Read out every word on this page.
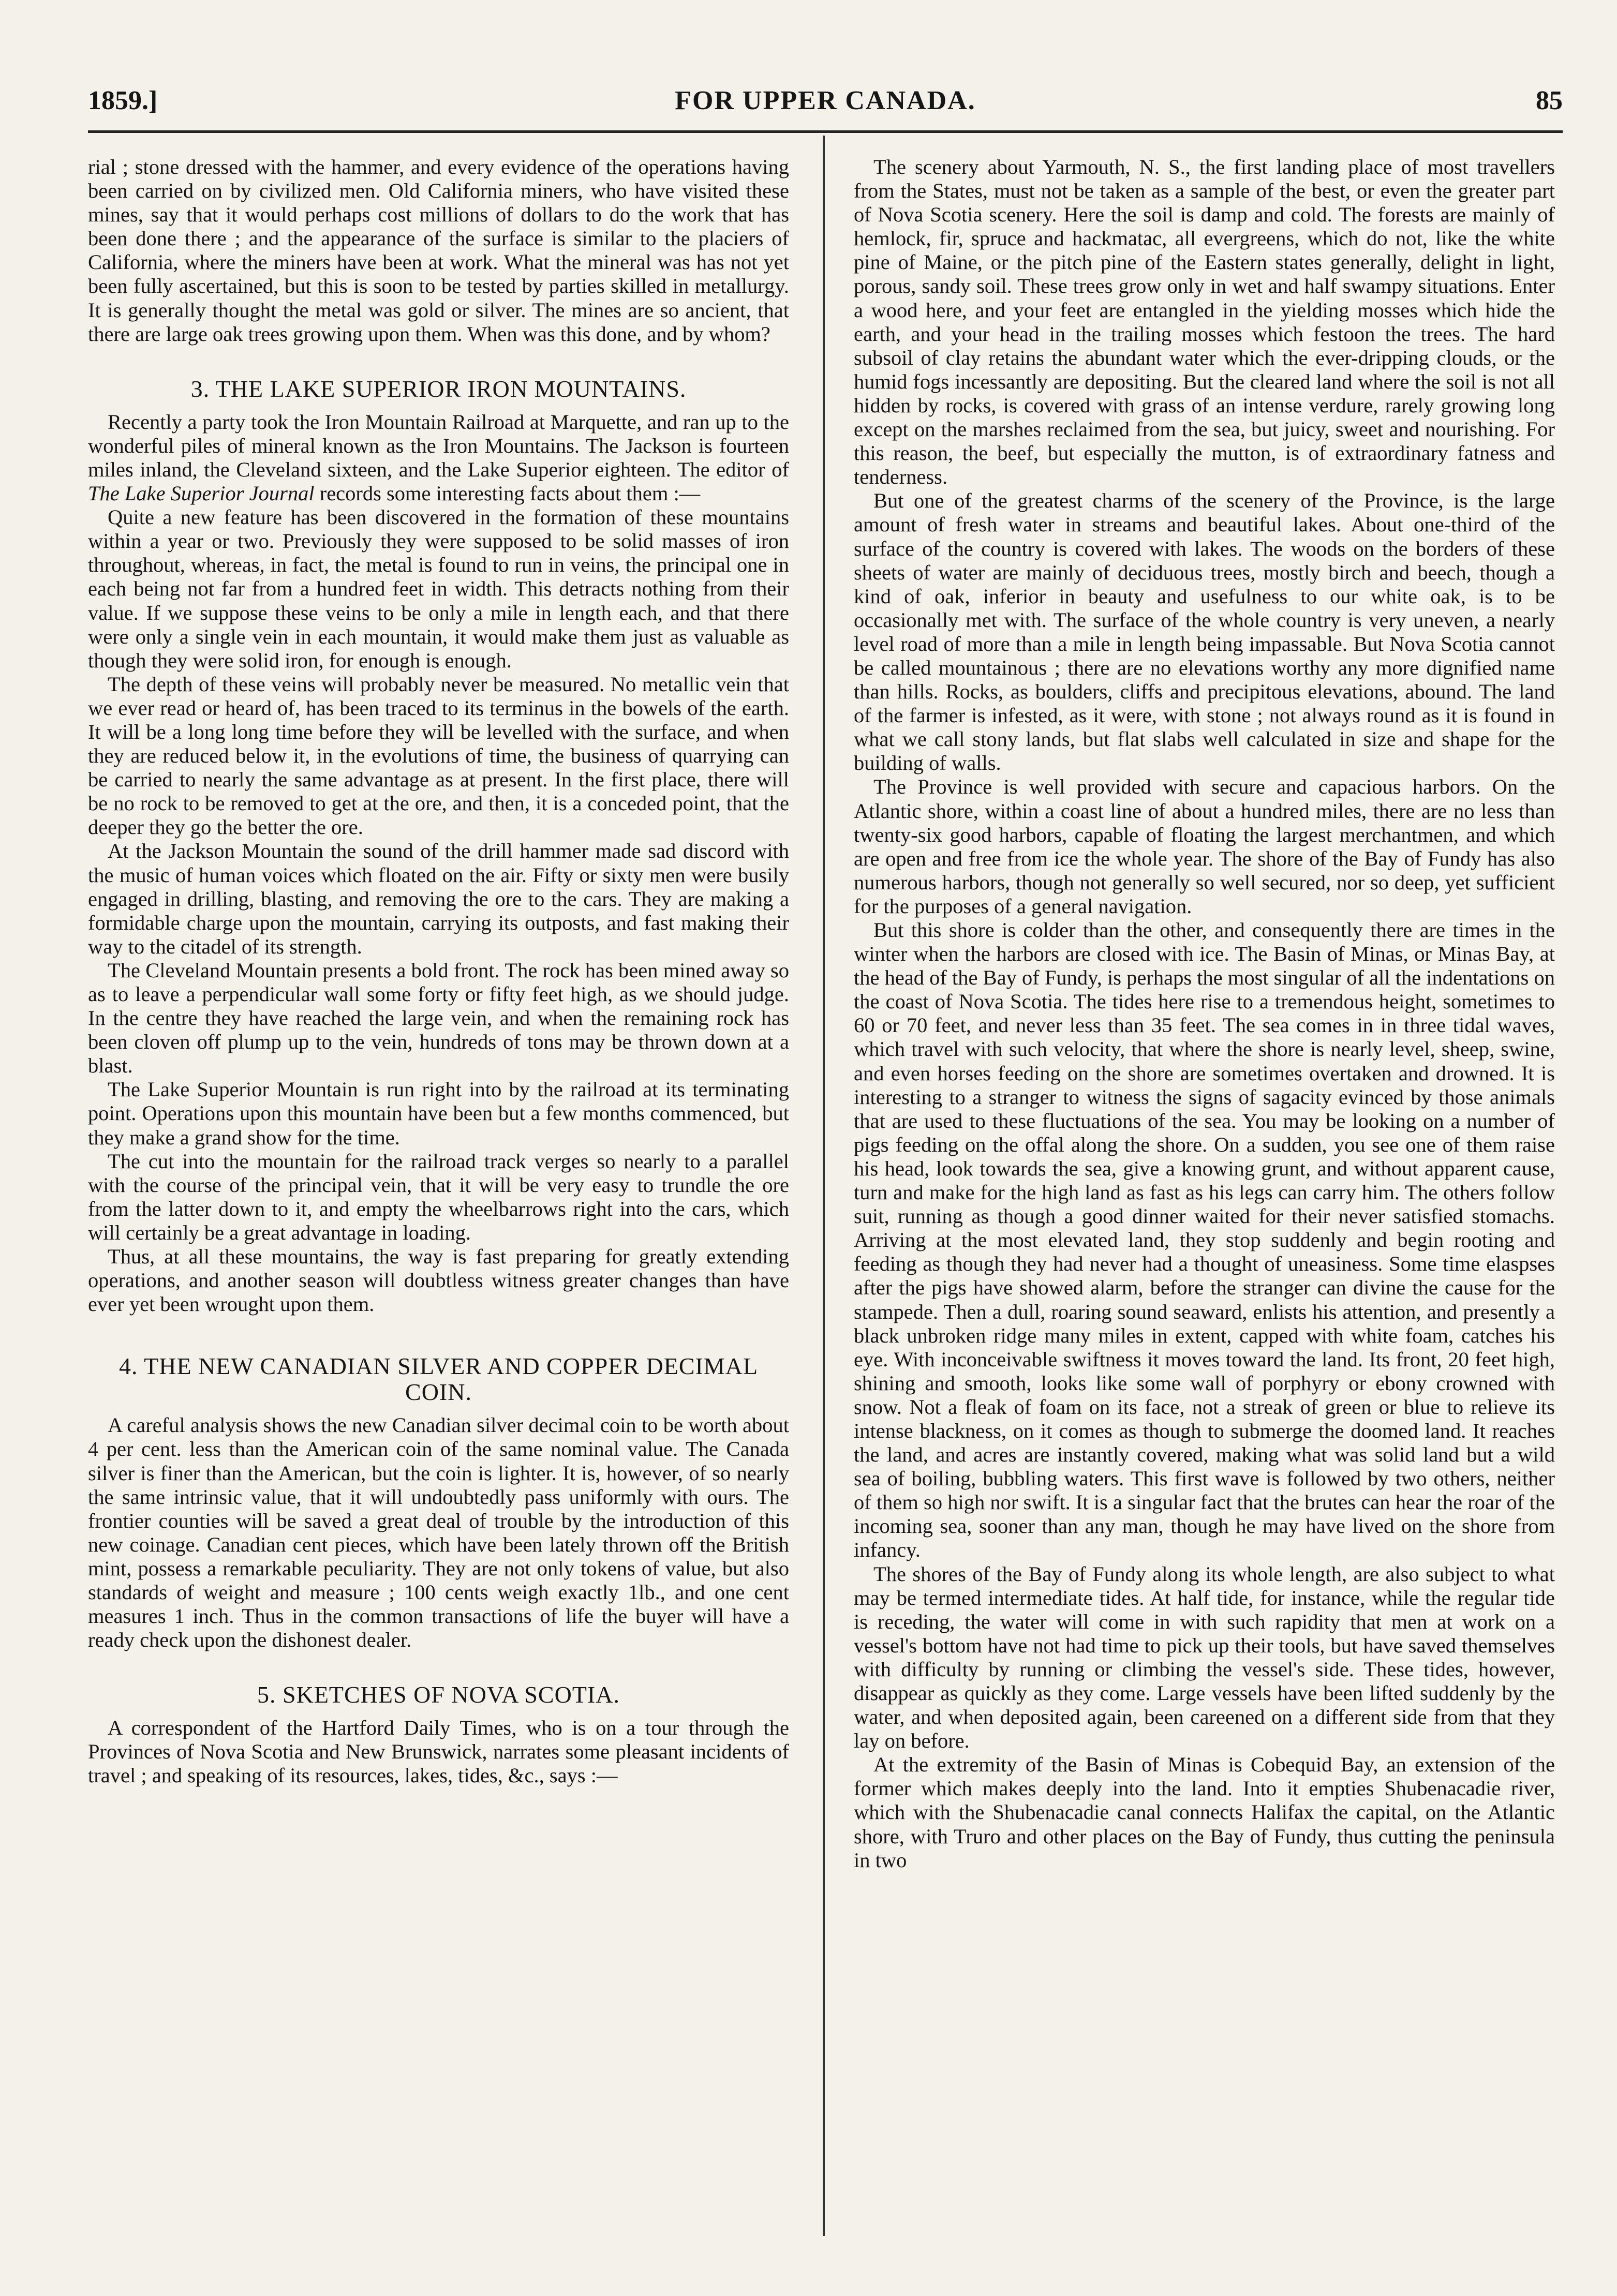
1859.]	FOR UPPER CANADA.	85

rial ; stone dressed with the hammer, and every evidence of the operations having been carried on by civilized men. Old California miners, who have visited these mines, say that it would perhaps cost millions of dollars to do the work that has been done there ; and the appearance of the surface is similar to the placiers of California, where the miners have been at work. What the mineral was has not yet been fully ascertained, but this is soon to be tested by parties skilled in metallurgy. It is generally thought the metal was gold or silver. The mines are so ancient, that there are large oak trees growing upon them. When was this done, and by whom?

3. THE LAKE SUPERIOR IRON MOUNTAINS.

Recently a party took the Iron Mountain Railroad at Marquette, and ran up to the wonderful piles of mineral known as the Iron Mountains. The Jackson is fourteen miles inland, the Cleveland sixteen, and the Lake Superior eighteen. The editor of The Lake Superior Journal records some interesting facts about them :—

Quite a new feature has been discovered in the formation of these mountains within a year or two. Previously they were supposed to be solid masses of iron throughout, whereas, in fact, the metal is found to run in veins, the principal one in each being not far from a hundred feet in width. This detracts nothing from their value. If we suppose these veins to be only a mile in length each, and that there were only a single vein in each mountain, it would make them just as valuable as though they were solid iron, for enough is enough.

The depth of these veins will probably never be measured. No metallic vein that we ever read or heard of, has been traced to its terminus in the bowels of the earth. It will be a long long time before they will be levelled with the surface, and when they are reduced below it, in the evolutions of time, the business of quarrying can be carried to nearly the same advantage as at present. In the first place, there will be no rock to be removed to get at the ore, and then, it is a conceded point, that the deeper they go the better the ore.

At the Jackson Mountain the sound of the drill hammer made sad discord with the music of human voices which floated on the air. Fifty or sixty men were busily engaged in drilling, blasting, and removing the ore to the cars. They are making a formidable charge upon the mountain, carrying its outposts, and fast making their way to the citadel of its strength.

The Cleveland Mountain presents a bold front. The rock has been mined away so as to leave a perpendicular wall some forty or fifty feet high, as we should judge. In the centre they have reached the large vein, and when the remaining rock has been cloven off plump up to the vein, hundreds of tons may be thrown down at a blast.

The Lake Superior Mountain is run right into by the railroad at its terminating point. Operations upon this mountain have been but a few months commenced, but they make a grand show for the time.

The cut into the mountain for the railroad track verges so nearly to a parallel with the course of the principal vein, that it will be very easy to trundle the ore from the latter down to it, and empty the wheelbarrows right into the cars, which will certainly be a great advantage in loading.

Thus, at all these mountains, the way is fast preparing for greatly extending operations, and another season will doubtless witness greater changes than have ever yet been wrought upon them.

4. THE NEW CANADIAN SILVER AND COPPER DECIMAL COIN.

A careful analysis shows the new Canadian silver decimal coin to be worth about 4 per cent. less than the American coin of the same nominal value. The Canada silver is finer than the American, but the coin is lighter. It is, however, of so nearly the same intrinsic value, that it will undoubtedly pass uniformly with ours. The frontier counties will be saved a great deal of trouble by the introduction of this new coinage. Canadian cent pieces, which have been lately thrown off the British mint, possess a remarkable peculiarity. They are not only tokens of value, but also standards of weight and measure ; 100 cents weigh exactly 1lb., and one cent measures 1 inch. Thus in the common transactions of life the buyer will have a ready check upon the dishonest dealer.

5. SKETCHES OF NOVA SCOTIA.

A correspondent of the Hartford Daily Times, who is on a tour through the Provinces of Nova Scotia and New Brunswick, narrates some pleasant incidents of travel ; and speaking of its resources, lakes, tides, &c., says :—

The scenery about Yarmouth, N. S., the first landing place of most travellers from the States, must not be taken as a sample of the best, or even the greater part of Nova Scotia scenery. Here the soil is damp and cold. The forests are mainly of hemlock, fir, spruce and hackmatac, all evergreens, which do not, like the white pine of Maine, or the pitch pine of the Eastern states generally, delight in light, porous, sandy soil. These trees grow only in wet and half swampy situations. Enter a wood here, and your feet are entangled in the yielding mosses which hide the earth, and your head in the trailing mosses which festoon the trees. The hard subsoil of clay retains the abundant water which the ever-dripping clouds, or the humid fogs incessantly are depositing. But the cleared land where the soil is not all hidden by rocks, is covered with grass of an intense verdure, rarely growing long except on the marshes reclaimed from the sea, but juicy, sweet and nourishing. For this reason, the beef, but especially the mutton, is of extraordinary fatness and tenderness.

But one of the greatest charms of the scenery of the Province, is the large amount of fresh water in streams and beautiful lakes. About one-third of the surface of the country is covered with lakes. The woods on the borders of these sheets of water are mainly of deciduous trees, mostly birch and beech, though a kind of oak, inferior in beauty and usefulness to our white oak, is to be occasionally met with. The surface of the whole country is very uneven, a nearly level road of more than a mile in length being impassable. But Nova Scotia cannot be called mountainous ; there are no elevations worthy any more dignified name than hills. Rocks, as boulders, cliffs and precipitous elevations, abound. The land of the farmer is infested, as it were, with stone ; not always round as it is found in what we call stony lands, but flat slabs well calculated in size and shape for the building of walls.

The Province is well provided with secure and capacious harbors. On the Atlantic shore, within a coast line of about a hundred miles, there are no less than twenty-six good harbors, capable of floating the largest merchantmen, and which are open and free from ice the whole year. The shore of the Bay of Fundy has also numerous harbors, though not generally so well secured, nor so deep, yet sufficient for the purposes of a general navigation.

But this shore is colder than the other, and consequently there are times in the winter when the harbors are closed with ice. The Basin of Minas, or Minas Bay, at the head of the Bay of Fundy, is perhaps the most singular of all the indentations on the coast of Nova Scotia. The tides here rise to a tremendous height, sometimes to 60 or 70 feet, and never less than 35 feet. The sea comes in in three tidal waves, which travel with such velocity, that where the shore is nearly level, sheep, swine, and even horses feeding on the shore are sometimes overtaken and drowned. It is interesting to a stranger to witness the signs of sagacity evinced by those animals that are used to these fluctuations of the sea. You may be looking on a number of pigs feeding on the offal along the shore. On a sudden, you see one of them raise his head, look towards the sea, give a knowing grunt, and without apparent cause, turn and make for the high land as fast as his legs can carry him. The others follow suit, running as though a good dinner waited for their never satisfied stomachs. Arriving at the most elevated land, they stop suddenly and begin rooting and feeding as though they had never had a thought of uneasiness. Some time elaspses after the pigs have showed alarm, before the stranger can divine the cause for the stampede. Then a dull, roaring sound seaward, enlists his attention, and presently a black unbroken ridge many miles in extent, capped with white foam, catches his eye. With inconceivable swiftness it moves toward the land. Its front, 20 feet high, shining and smooth, looks like some wall of porphyry or ebony crowned with snow. Not a fleak of foam on its face, not a streak of green or blue to relieve its intense blackness, on it comes as though to submerge the doomed land. It reaches the land, and acres are instantly covered, making what was solid land but a wild sea of boiling, bubbling waters. This first wave is followed by two others, neither of them so high nor swift. It is a singular fact that the brutes can hear the roar of the incoming sea, sooner than any man, though he may have lived on the shore from infancy.

The shores of the Bay of Fundy along its whole length, are also subject to what may be termed intermediate tides. At half tide, for instance, while the regular tide is receding, the water will come in with such rapidity that men at work on a vessel's bottom have not had time to pick up their tools, but have saved themselves with difficulty by running or climbing the vessel's side. These tides, however, disappear as quickly as they come. Large vessels have been lifted suddenly by the water, and when deposited again, been careened on a different side from that they lay on before.

At the extremity of the Basin of Minas is Cobequid Bay, an extension of the former which makes deeply into the land. Into it empties Shubenacadie river, which with the Shubenacadie canal connects Halifax the capital, on the Atlantic shore, with Truro and other places on the Bay of Fundy, thus cutting the peninsula in two
